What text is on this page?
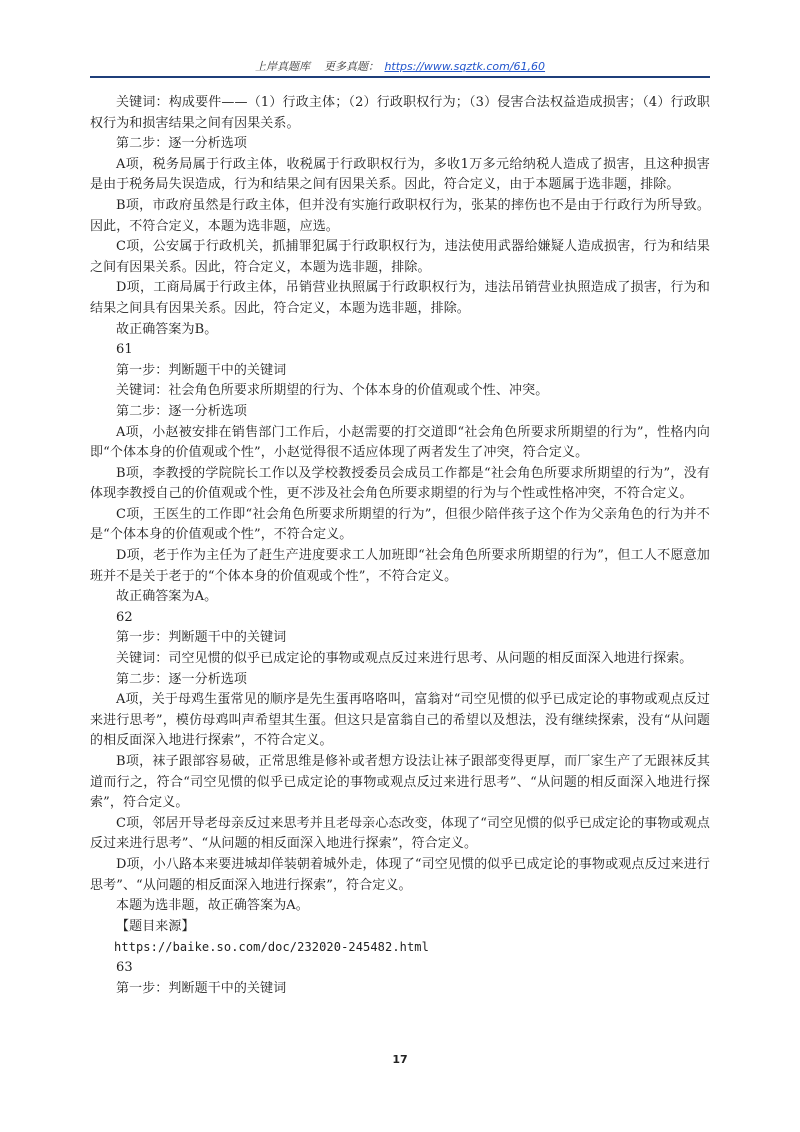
上岸真题库 更多真题： https://www.sqztk.com/61,60

关键词：构成要件——（1）行政主体；（2）行政职权行为；（3）侵害合法权益造成损害；（4）行政职权行为和损害结果之间有因果关系。

第二步：逐一分析选项

A项，税务局属于行政主体，收税属于行政职权行为，多收1万多元给纳税人造成了损害，且这种损害是由于税务局失误造成，行为和结果之间有因果关系。因此，符合定义，由于本题属于选非题，排除。

B项，市政府虽然是行政主体，但并没有实施行政职权行为，张某的摔伤也不是由于行政行为所导致。因此，不符合定义，本题为选非题，应选。

C项，公安属于行政机关，抓捕罪犯属于行政职权行为，违法使用武器给嫌疑人造成损害，行为和结果之间有因果关系。因此，符合定义，本题为选非题，排除。

D项，工商局属于行政主体，吊销营业执照属于行政职权行为，违法吊销营业执照造成了损害，行为和结果之间具有因果关系。因此，符合定义，本题为选非题，排除。

故正确答案为B。

61

第一步：判断题干中的关键词

关键词：社会角色所要求所期望的行为、个体本身的价值观或个性、冲突。

第二步：逐一分析选项

A项，小赵被安排在销售部门工作后，小赵需要的打交道即“社会角色所要求所期望的行为”，性格内向即“个体本身的价值观或个性”，小赵觉得很不适应体现了两者发生了冲突，符合定义。

B项，李教授的学院院长工作以及学校教授委员会成员工作都是“社会角色所要求所期望的行为”，没有体现李教授自己的价值观或个性，更不涉及社会角色所要求期望的行为与个性或性格冲突，不符合定义。

C项，王医生的工作即“社会角色所要求所期望的行为”，但很少陪伴孩子这个作为父亲角色的行为并不是“个体本身的价值观或个性”，不符合定义。

D项，老于作为主任为了赶生产进度要求工人加班即“社会角色所要求所期望的行为”，但工人不愿意加班并不是关于老于的“个体本身的价值观或个性”，不符合定义。

故正确答案为A。

62

第一步：判断题干中的关键词

关键词：司空见惯的似乎已成定论的事物或观点反过来进行思考、从问题的相反面深入地进行探索。

第二步：逐一分析选项

A项，关于母鸡生蛋常见的顺序是先生蛋再咯咯叫，富翁对“司空见惯的似乎已成定论的事物或观点反过来进行思考”，模仿母鸡叫声希望其生蛋。但这只是富翁自己的希望以及想法，没有继续探索，没有“从问题的相反面深入地进行探索”，不符合定义。

B项，袜子跟部容易破，正常思维是修补或者想方设法让袜子跟部变得更厚，而厂家生产了无跟袜反其道而行之，符合“司空见惯的似乎已成定论的事物或观点反过来进行思考”、“从问题的相反面深入地进行探索”，符合定义。

C项，邻居开导老母亲反过来思考并且老母亲心态改变，体现了“司空见惯的似乎已成定论的事物或观点反过来进行思考”、“从问题的相反面深入地进行探索”，符合定义。

D项，小八路本来要进城却佯装朝着城外走，体现了“司空见惯的似乎已成定论的事物或观点反过来进行思考”、“从问题的相反面深入地进行探索”，符合定义。

本题为选非题，故正确答案为A。

【题目来源】

https://baike.so.com/doc/232020-245482.html

63

第一步：判断题干中的关键词

17
